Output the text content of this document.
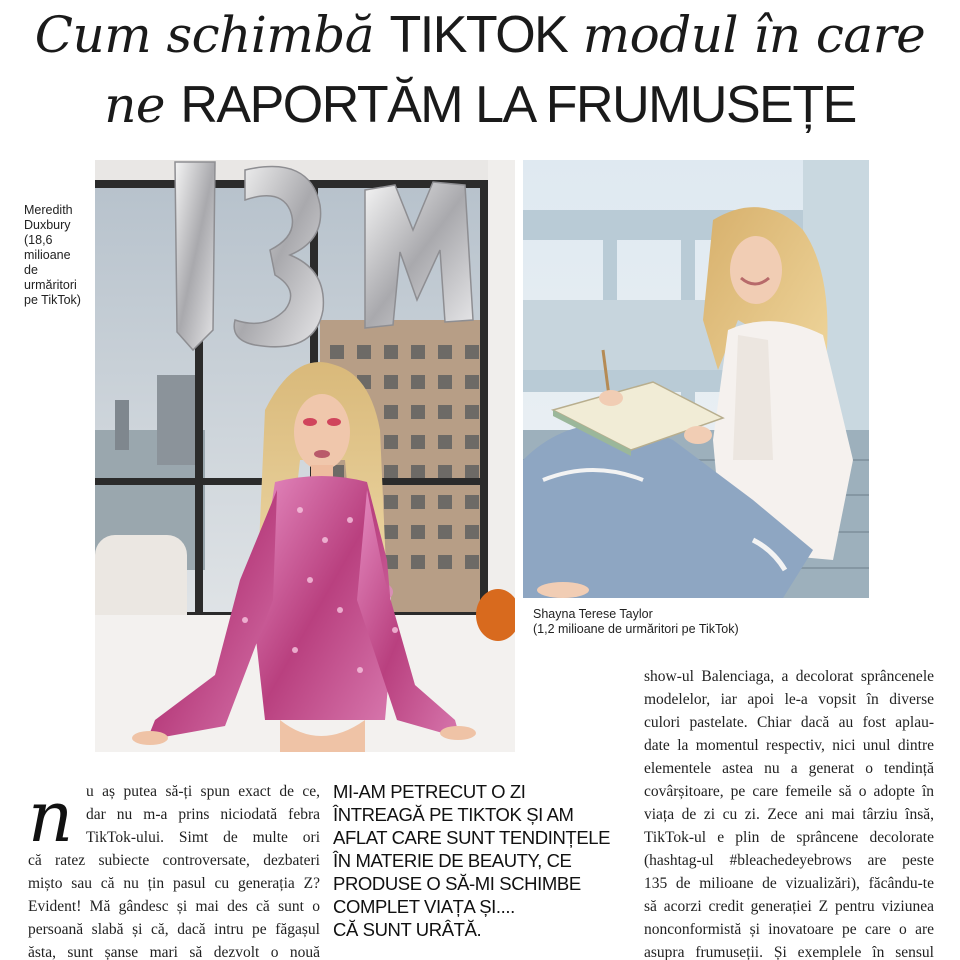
Cum schimbă TIKTOK modul în care
ne RAPORTĂM LA FRUMUSEȚE
Meredith
Duxbury
(18,6 milioane
de urmăritori
pe TikTok)
Shayna Terese Taylor
(1,2 milioane de urmăritori pe TikTok)
n u aș putea să-ți spun exact de ce,
dar nu m-a prins niciodată febra
TikTok-ului. Simt de multe ori
că ratez subiecte controversate, dezbateri
mișto sau că nu țin pasul cu generația Z?
Evident! Mă gândesc și mai des că sunt o
persoană slabă și că, dacă intru pe făgașul
ăsta, sunt șanse mari să dezvolt o nouă
MI-AM PETRECUT O ZI
ÎNTREAGĂ PE TIKTOK ȘI AM
AFLAT CARE SUNT TENDINȚELE
ÎN MATERIE DE BEAUTY, CE
PRODUSE O SĂ-MI SCHIMBE
COMPLET VIAȚA ȘI....
CĂ SUNT URÂTĂ.
show-ul Balenciaga, a decolorat sprâncenele
modelelor, iar apoi le-a vopsit în diverse
culori pastelate. Chiar dacă au fost aplau-
date la momentul respectiv, nici unul dintre
elementele astea nu a generat o tendință
covârșitoare, pe care femeile să o adopte în
viața de zi cu zi. Zece ani mai târziu însă,
TikTok-ul e plin de sprâncene decolorate
(hashtag-ul #bleachedeyebrows are peste
135 de milioane de vizualizări), făcându-te
să acorzi credit generației Z pentru viziunea
nonconformistă și inovatoare pe care o are
asupra frumuseții. Și exemplele în sensul
